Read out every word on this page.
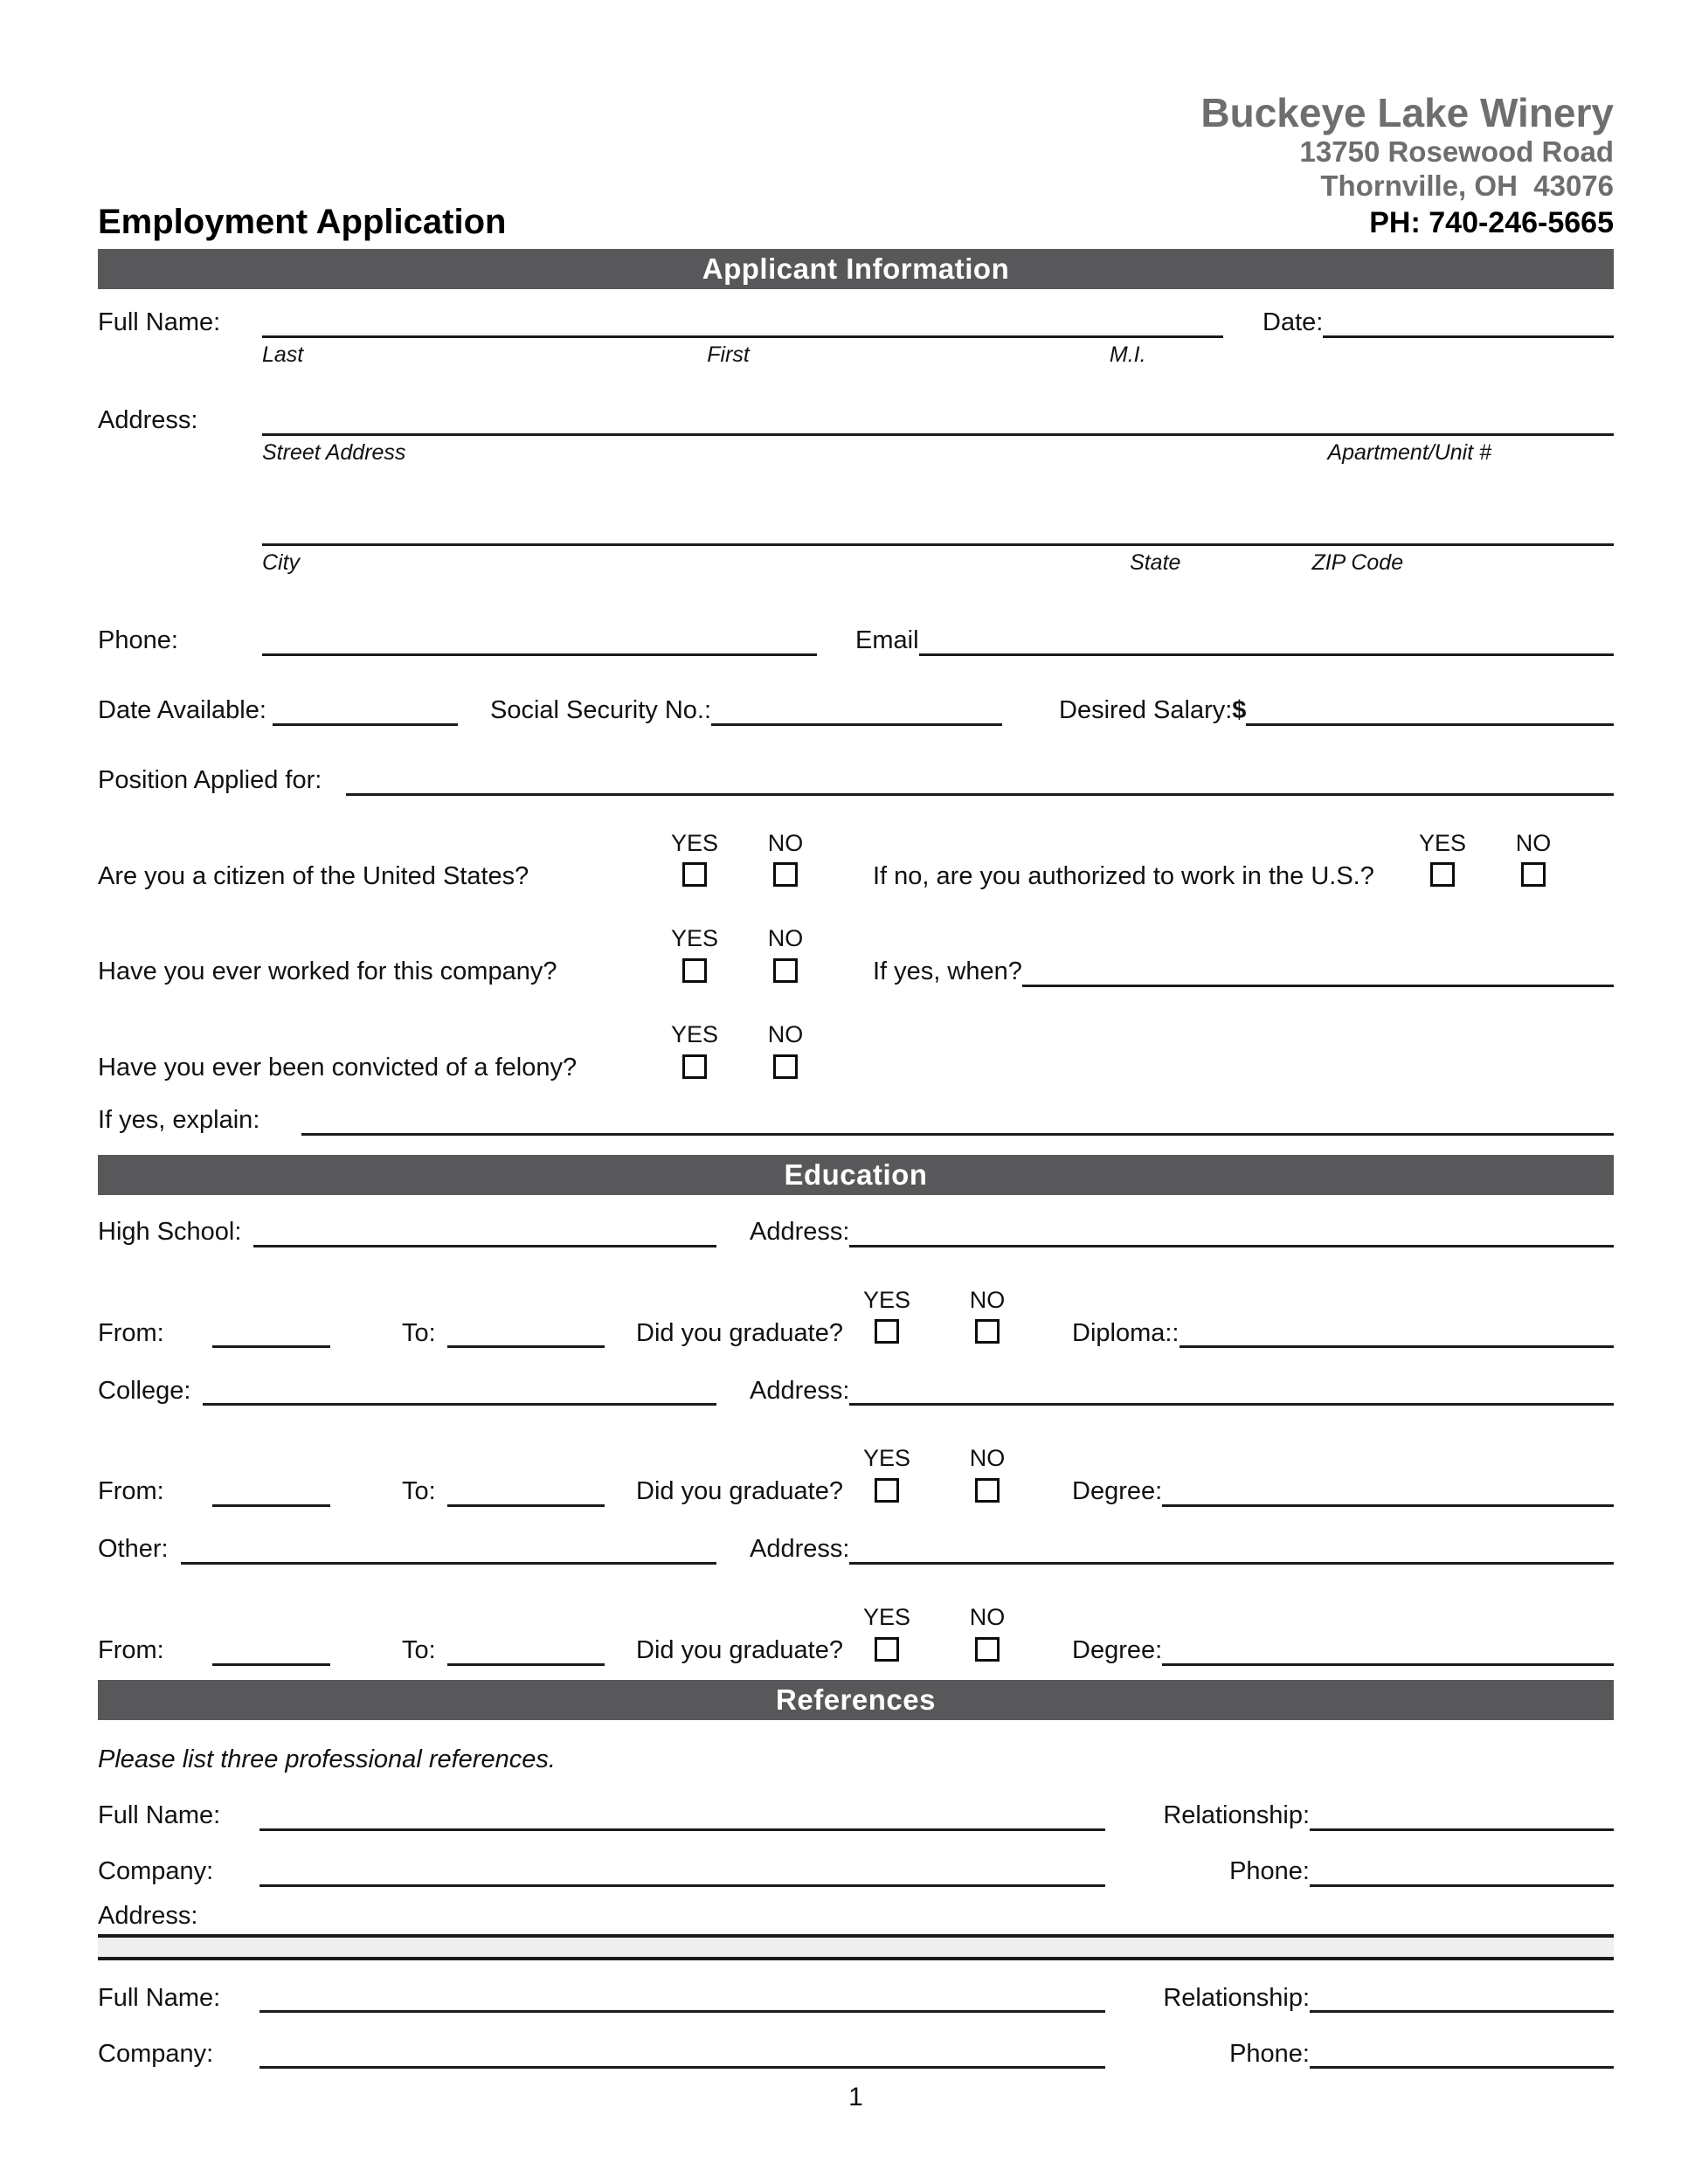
Employment Application
Buckeye Lake Winery
13750 Rosewood Road
Thornville, OH  43076
PH: 740-246-5665
Applicant Information
Full Name:	Date:
Last	First	M.I.
Address:
Street Address	Apartment/Unit #
City	State	ZIP Code
Phone:	Email
Date Available:	Social Security No.:	Desired Salary: $
Position Applied for:
YES	NO	YES	NO
Are you a citizen of the United States?	If no, are you authorized to work in the U.S.?
YES	NO
Have you ever worked for this company?	If yes, when?
YES	NO
Have you ever been convicted of a felony?
If yes, explain:
Education
High School:	Address:
YES	NO
From:	To:	Did you graduate?	Diploma::
College:	Address:
YES	NO
From:	To:	Did you graduate?	Degree:
Other:	Address:
YES	NO
From:	To:	Did you graduate?	Degree:
References
Please list three professional references.
Full Name:	Relationship:
Company:	Phone:
Address:
Full Name:	Relationship:
Company:	Phone:
1
